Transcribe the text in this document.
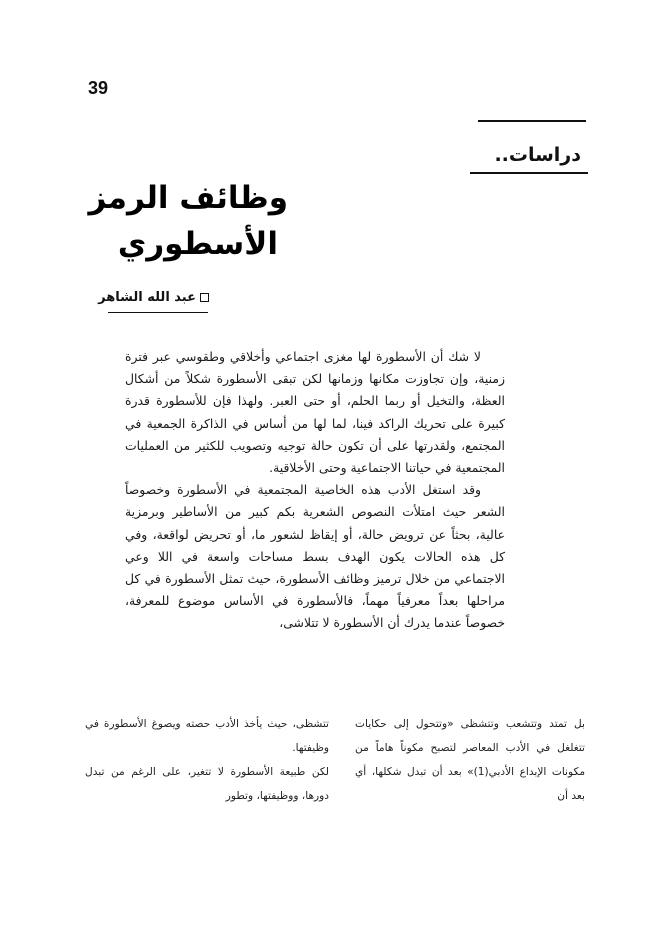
39
دراسات..
وظائف الرمز
الأسطوري
عبد الله الشاهر

لا شك أن الأسطورة لها مغزى اجتماعي وأخلاقي وطقوسي عبر فترة زمنية، وإن تجاوزت مكانها وزمانها لكن تبقى الأسطورة شكلاً من أشكال العظة، والتخيل أو ربما الحلم، أو حتى العبر. ولهذا فإن للأسطورة قدرة كبيرة على تحريك الراكد فينا، لما لها من أساس في الذاكرة الجمعية في المجتمع، ولقدرتها على أن تكون حالة توجيه وتصويب للكثير من العمليات المجتمعية في حياتنا الاجتماعية وحتى الأخلاقية.

وقد استغل الأدب هذه الخاصية المجتمعية في الأسطورة وخصوصاً الشعر حيث امتلأت النصوص الشعرية بكم كبير من الأساطير وبرمزية عالية، بحثاً عن ترويض حالة، أو إيقاظ لشعور ما، أو تحريض لواقعة، وفي كل هذه الحالات يكون الهدف بسط مساحات واسعة في اللا وعي الاجتماعي من خلال ترميز وظائف الأسطورة، حيث تمثل الأسطورة في كل مراحلها بعداً معرفياً مهماً، فالأسطورة في الأساس موضوع للمعرفة، خصوصاً عندما يدرك أن الأسطورة لا تتلاشى،

بل تمتد وتتشعب وتتشظى «وتتحول إلى حكايات تتغلغل في الأدب المعاصر لتصبح مكوناً هاماً من مكونات الإبداع الأدبي(1)» بعد أن تبدل شكلها، أي بعد أن

تتشظى، حيث يأخذ الأدب حصته ويصوغ الأسطورة في وظيفتها.

لكن طبيعة الأسطورة لا تتغير، على الرغم من تبدل دورها، ووظيفتها، وتطور
